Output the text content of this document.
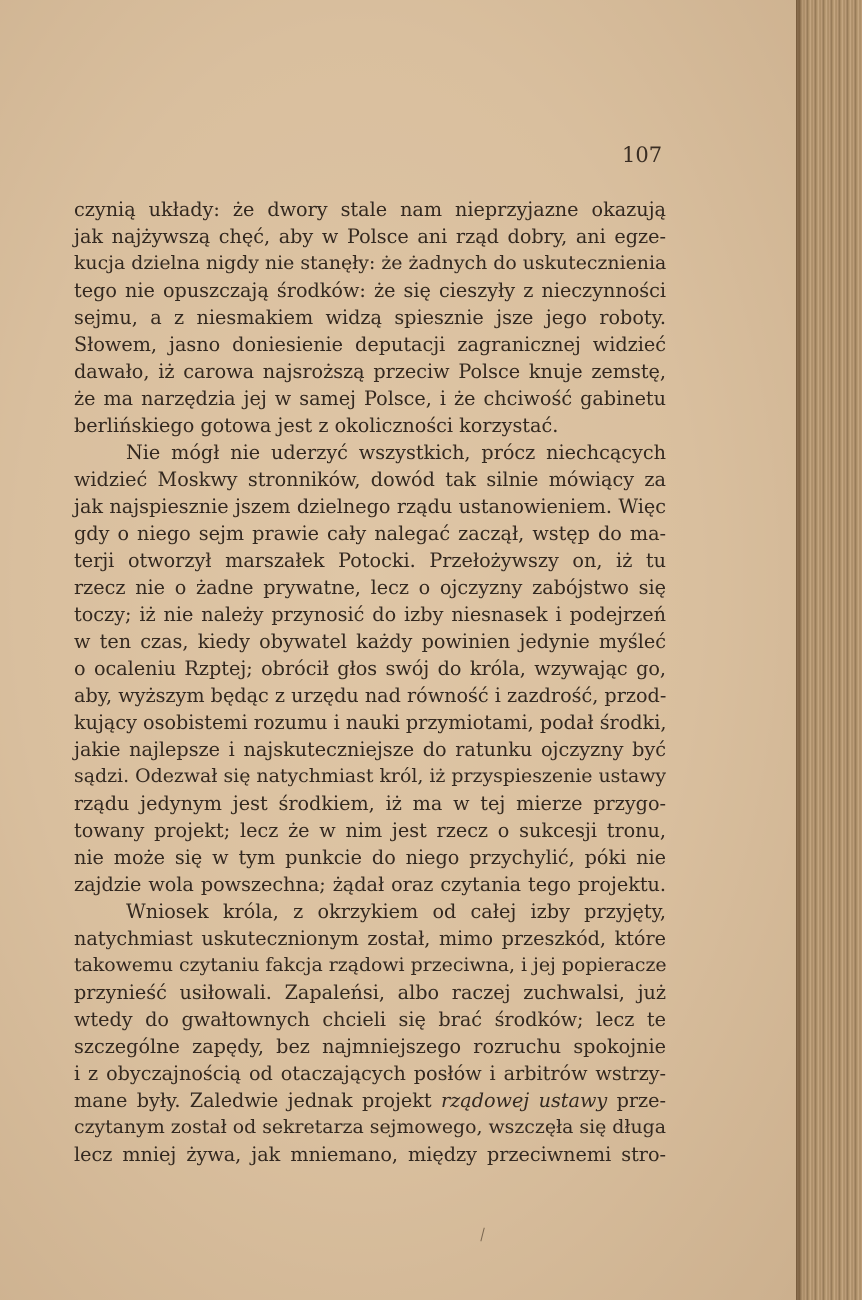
107
czynią układy: że dwory stale nam nieprzyjazne okazują
jak najżywszą chęć, aby w Polsce ani rząd dobry, ani egze-
kucja dzielna nigdy nie stanęły: że żadnych do uskutecznienia
tego nie opuszczają środków: że się cieszyły z nieczynności
sejmu, a z niesmakiem widzą spiesznie jsze jego roboty.
Słowem, jasno doniesienie deputacji zagranicznej widzieć
dawało, iż carowa najsroższą przeciw Polsce knuje zemstę,
że ma narzędzia jej w samej Polsce, i że chciwość gabinetu
berlińskiego gotowa jest z okoliczności korzystać.
Nie mógł nie uderzyć wszystkich, prócz niechcących
widzieć Moskwy stronników, dowód tak silnie mówiący za
jak najspiesznie jszem dzielnego rządu ustanowieniem. Więc
gdy o niego sejm prawie cały nalegać zaczął, wstęp do ma-
terji otworzył marszałek Potocki. Przełożywszy on, iż tu
rzecz nie o żadne prywatne, lecz o ojczyzny zabójstwo się
toczy; iż nie należy przynosić do izby niesnasek i podejrzeń
w ten czas, kiedy obywatel każdy powinien jedynie myśleć
o ocaleniu Rzptej; obrócił głos swój do króla, wzywając go,
aby, wyższym będąc z urzędu nad równość i zazdrość, przod-
kujący osobistemi rozumu i nauki przymiotami, podał środki,
jakie najlepsze i najskuteczniejsze do ratunku ojczyzny być
sądzi. Odezwał się natychmiast król, iż przyspieszenie ustawy
rządu jedynym jest środkiem, iż ma w tej mierze przygo-
towany projekt; lecz że w nim jest rzecz o sukcesji tronu,
nie może się w tym punkcie do niego przychylić, póki nie
zajdzie wola powszechna; żądał oraz czytania tego projektu.
Wniosek króla, z okrzykiem od całej izby przyjęty,
natychmiast uskutecznionym został, mimo przeszkód, które
takowemu czytaniu fakcja rządowi przeciwna, i jej popieracze
przynieść usiłowali. Zapaleńsi, albo raczej zuchwalsi, już
wtedy do gwałtownych chcieli się brać środków; lecz te
szczególne zapędy, bez najmniejszego rozruchu spokojnie
i z obyczajnością od otaczających posłów i arbitrów wstrzy-
mane były. Zaledwie jednak projekt rządowej ustawy prze-
czytanym został od sekretarza sejmowego, wszczęła się długa
lecz mniej żywa, jak mniemano, między przeciwnemi stro-
